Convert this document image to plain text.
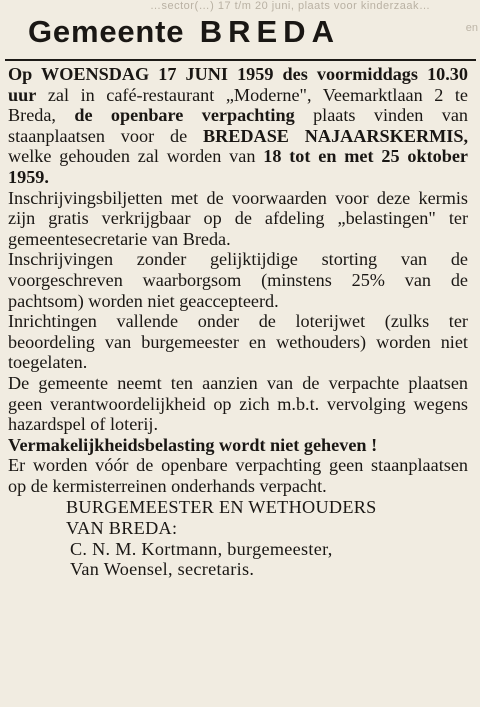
…sector(…) 17 t/m 20 juni, plaats voor kinderzaak…
en
Gemeente BREDA

Op WOENSDAG 17 JUNI 1959 des voormiddags 10.30 uur zal in café-restaurant „Moderne", Veemarktlaan 2 te Breda, de openbare verpachting plaats vinden van staanplaatsen voor de BREDASE NAJAARSKERMIS, welke gehouden zal worden van 18 tot en met 25 oktober 1959.

Inschrijvingsbiljetten met de voorwaarden voor deze kermis zijn gratis verkrijgbaar op de afdeling „belastingen" ter gemeentesecretarie van Breda.

Inschrijvingen zonder gelijktijdige storting van de voorgeschreven waarborgsom (minstens 25% van de pachtsom) worden niet geaccepteerd.

Inrichtingen vallende onder de loterijwet (zulks ter beoordeling van burgemeester en wethouders) worden niet toegelaten.

De gemeente neemt ten aanzien van de verpachte plaatsen geen verantwoordelijkheid op zich m.b.t. vervolging wegens hazardspel of loterij.

Vermakelijkheidsbelasting wordt niet geheven !

Er worden vóór de openbare verpachting geen staanplaatsen op de kermisterreinen onderhands verpacht.

BURGEMEESTER EN WETHOUDERS
VAN BREDA:
C. N. M. Kortmann, burgemeester,
Van Woensel, secretaris.
